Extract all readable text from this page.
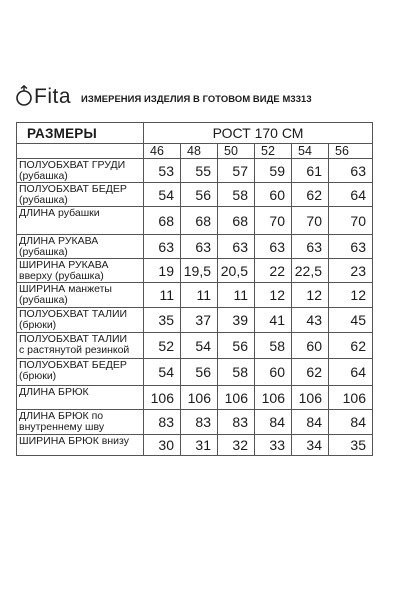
Fita ИЗМЕРЕНИЯ ИЗДЕЛИЯ В ГОТОВОМ ВИДЕ М3313
РАЗМЕРЫ	РОСТ 170 СМ					
	46	48	50	52	54	56

ПОЛУОБХВАТ ГРУДИ
(рубашка)	53	55	57	59	61	63

ПОЛУОБХВАТ БЕДЕР
(рубашка)	54	56	58	60	62	64

ДЛИНА рубашки	68	68	68	70	70	70

ДЛИНА РУКАВА
(рубашка)	63	63	63	63	63	63

ШИРИНА РУКАВА
вверху (рубашка)	19	19,5	20,5	22	22,5	23

ШИРИНА манжеты
(рубашка)	11	11	11	12	12	12

ПОЛУОБХВАТ ТАЛИИ
(брюки)	35	37	39	41	43	45

ПОЛУОБХВАТ ТАЛИИ
с растянутой резинкой	52	54	56	58	60	62

ПОЛУОБХВАТ БЕДЕР
(брюки)	54	56	58	60	62	64

ДЛИНА БРЮК	106	106	106	106	106	106

ДЛИНА БРЮК по
внутреннему шву	83	83	83	84	84	84

ШИРИНА БРЮК внизу	30	31	32	33	34	35
